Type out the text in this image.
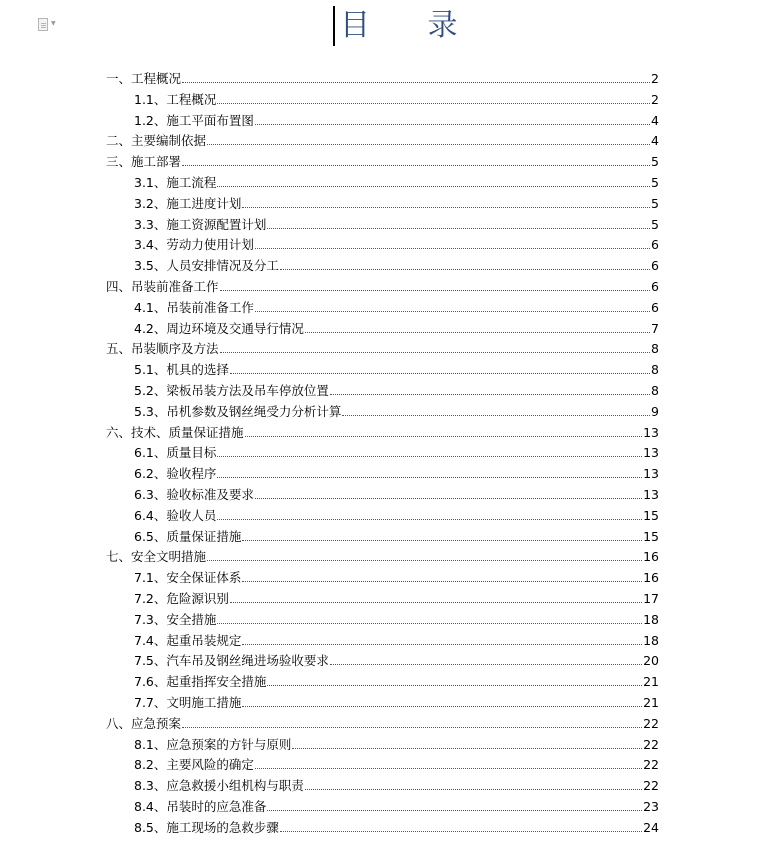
▼	目 录
一、工程概况	2
1.1、工程概况	2
1.2、施工平面布置图	4
二、主要编制依据	4
三、施工部署	5
3.1、施工流程	5
3.2、施工进度计划	5
3.3、施工资源配置计划	5
3.4、劳动力使用计划	6
3.5、人员安排情况及分工	6
四、吊装前准备工作	6
4.1、吊装前准备工作	6
4.2、周边环境及交通导行情况	7
五、吊装顺序及方法	8
5.1、机具的选择	8
5.2、梁板吊装方法及吊车停放位置	8
5.3、吊机参数及钢丝绳受力分析计算	9
六、技术、质量保证措施	13
6.1、质量目标	13
6.2、验收程序	13
6.3、验收标准及要求	13
6.4、验收人员	15
6.5、质量保证措施	15
七、安全文明措施	16
7.1、安全保证体系	16
7.2、危险源识别	17
7.3、安全措施	18
7.4、起重吊装规定	18
7.5、汽车吊及钢丝绳进场验收要求	20
7.6、起重指挥安全措施	21
7.7、文明施工措施	21
八、应急预案	22
8.1、应急预案的方针与原则	22
8.2、主要风险的确定	22
8.3、应急救援小组机构与职责	22
8.4、吊装时的应急准备	23
8.5、施工现场的急救步骤	24
